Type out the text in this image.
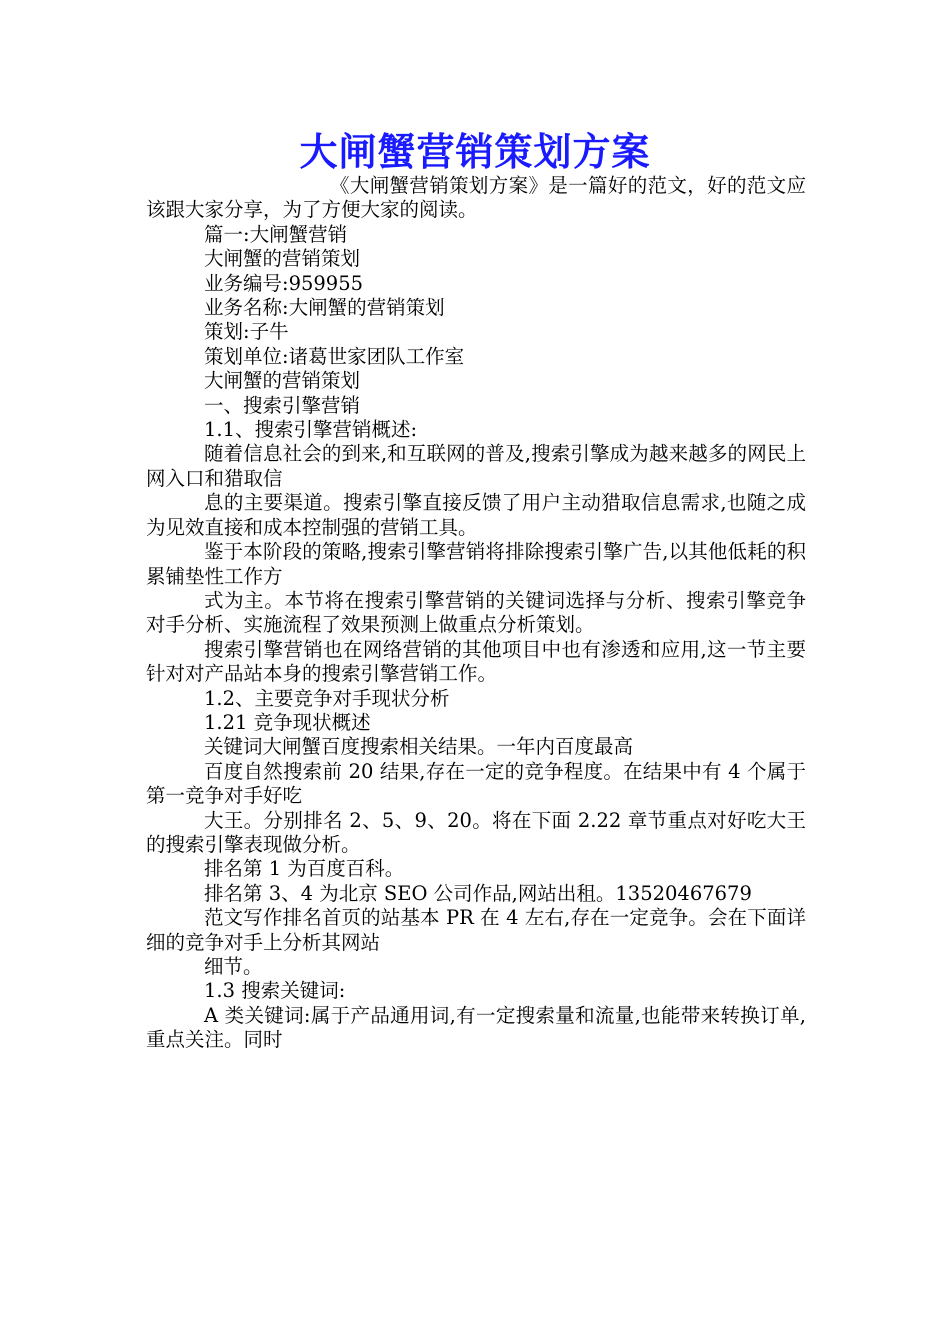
大闸蟹营销策划方案

《大闸蟹营销策划方案》是一篇好的范文，好的范文应该跟大家分享，为了方便大家的阅读。

篇一:大闸蟹营销

大闸蟹的营销策划

业务编号:959955

业务名称:大闸蟹的营销策划

策划:子牛

策划单位:诸葛世家团队工作室

大闸蟹的营销策划

一、搜索引擎营销

1.1、搜索引擎营销概述:

随着信息社会的到来,和互联网的普及,搜索引擎成为越来越多的网民上网入口和猎取信

息的主要渠道。搜索引擎直接反馈了用户主动猎取信息需求,也随之成为见效直接和成本控制强的营销工具。

鉴于本阶段的策略,搜索引擎营销将排除搜索引擎广告,以其他低耗的积累铺垫性工作方

式为主。本节将在搜索引擎营销的关键词选择与分析、搜索引擎竞争对手分析、实施流程了效果预测上做重点分析策划。

搜索引擎营销也在网络营销的其他项目中也有渗透和应用,这一节主要针对对产品站本身的搜索引擎营销工作。

1.2、主要竞争对手现状分析

1.21 竞争现状概述

关键词大闸蟹百度搜索相关结果。一年内百度最高

百度自然搜索前 20 结果,存在一定的竞争程度。在结果中有 4 个属于第一竞争对手好吃

大王。分别排名 2、5、9、20。将在下面 2.22 章节重点对好吃大王的搜索引擎表现做分析。

排名第 1 为百度百科。

排名第 3、4 为北京 SEO 公司作品,网站出租。13520467679

范文写作排名首页的站基本 PR 在 4 左右,存在一定竞争。会在下面详细的竞争对手上分析其网站

细节。

1.3 搜索关键词:

A 类关键词:属于产品通用词,有一定搜索量和流量,也能带来转换订单,重点关注。同时
